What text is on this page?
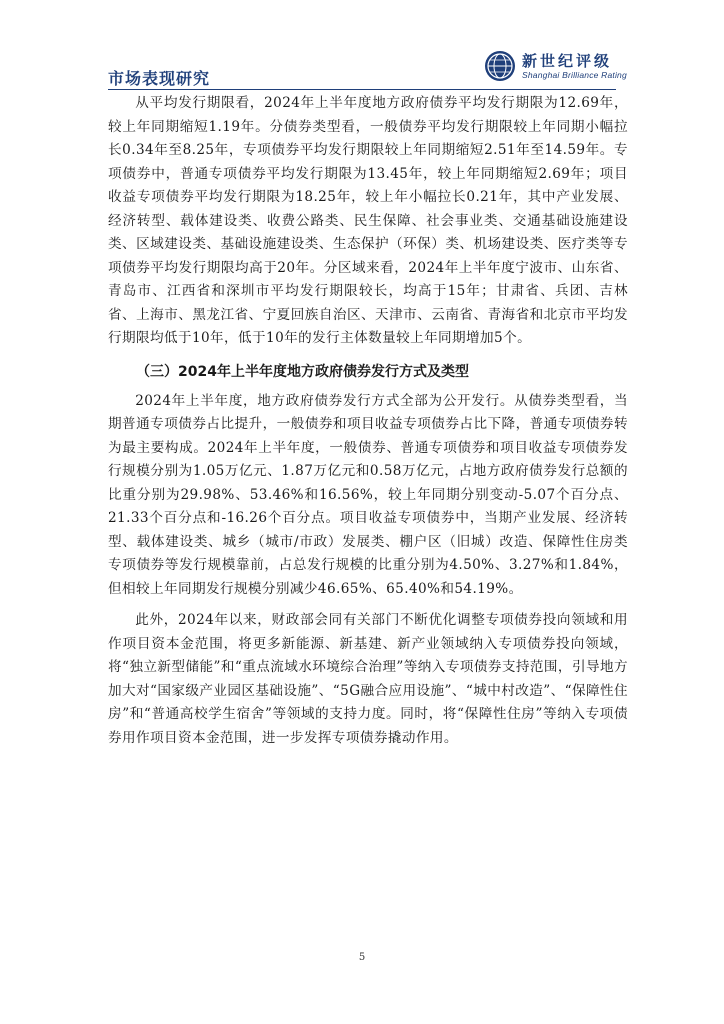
市场表现研究
新世纪评级
Shanghai Brilliance Rating

从平均发行期限看，2024年上半年度地方政府债券平均发行期限为12.69年，较上年同期缩短1.19年。分债券类型看，一般债券平均发行期限较上年同期小幅拉长0.34年至8.25年，专项债券平均发行期限较上年同期缩短2.51年至14.59年。专项债券中，普通专项债券平均发行期限为13.45年，较上年同期缩短2.69年；项目收益专项债券平均发行期限为18.25年，较上年小幅拉长0.21年，其中产业发展、经济转型、载体建设类、收费公路类、民生保障、社会事业类、交通基础设施建设类、区域建设类、基础设施建设类、生态保护（环保）类、机场建设类、医疗类等专项债券平均发行期限均高于20年。分区域来看，2024年上半年度宁波市、山东省、青岛市、江西省和深圳市平均发行期限较长，均高于15年；甘肃省、兵团、吉林省、上海市、黑龙江省、宁夏回族自治区、天津市、云南省、青海省和北京市平均发行期限均低于10年，低于10年的发行主体数量较上年同期增加5个。

（三）2024年上半年度地方政府债券发行方式及类型

2024年上半年度，地方政府债券发行方式全部为公开发行。从债券类型看，当期普通专项债券占比提升，一般债券和项目收益专项债券占比下降，普通专项债券转为最主要构成。2024年上半年度，一般债券、普通专项债券和项目收益专项债券发行规模分别为1.05万亿元、1.87万亿元和0.58万亿元，占地方政府债券发行总额的比重分别为29.98%、53.46%和16.56%，较上年同期分别变动-5.07个百分点、21.33个百分点和-16.26个百分点。项目收益专项债券中，当期产业发展、经济转型、载体建设类、城乡（城市/市政）发展类、棚户区（旧城）改造、保障性住房类专项债券等发行规模靠前，占总发行规模的比重分别为4.50%、3.27%和1.84%，但相较上年同期发行规模分别减少46.65%、65.40%和54.19%。

此外，2024年以来，财政部会同有关部门不断优化调整专项债券投向领域和用作项目资本金范围，将更多新能源、新基建、新产业领域纳入专项债券投向领域，将“独立新型储能”和“重点流域水环境综合治理”等纳入专项债券支持范围，引导地方加大对“国家级产业园区基础设施”、“5G融合应用设施”、“城中村改造”、“保障性住房”和“普通高校学生宿舍”等领域的支持力度。同时，将“保障性住房”等纳入专项债券用作项目资本金范围，进一步发挥专项债券撬动作用。

5
